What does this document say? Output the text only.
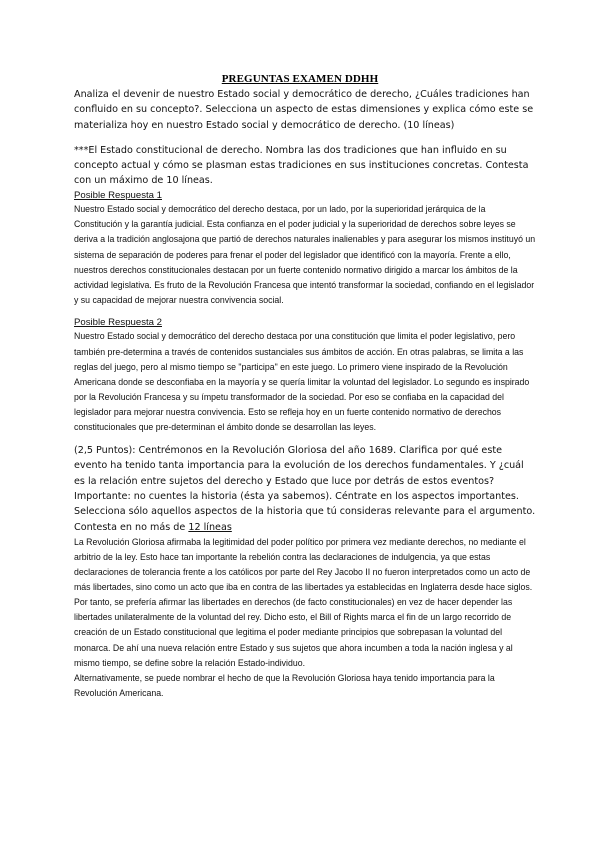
PREGUNTAS EXAMEN DDHH

Analiza el devenir de nuestro Estado social y democrático de derecho, ¿Cuáles tradiciones han confluido en su concepto?. Selecciona un aspecto de estas dimensiones y explica cómo este se materializa hoy en nuestro Estado social y democrático de derecho. (10 líneas)

***El Estado constitucional de derecho. Nombra las dos tradiciones que han influido en su concepto actual y cómo se plasman estas tradiciones en sus instituciones concretas. Contesta con un máximo de 10 líneas.

Posible Respuesta 1

Nuestro Estado social y democrático del derecho destaca, por un lado, por la superioridad jerárquica de la Constitución y la garantía judicial. Esta confianza en el poder judicial y la superioridad de derechos sobre leyes se deriva a la tradición anglosajona que partió de derechos naturales inalienables y para asegurar los mismos instituyó un sistema de separación de poderes para frenar el poder del legislador que identificó con la mayoría. Frente a ello, nuestros derechos constitucionales destacan por un fuerte contenido normativo dirigido a marcar los ámbitos de la actividad legislativa. Es fruto de la Revolución Francesa que intentó transformar la sociedad, confiando en el legislador y su capacidad de mejorar nuestra convivencia social.

Posible Respuesta 2

Nuestro Estado social y democrático del derecho destaca por una constitución que limita el poder legislativo, pero también pre-determina a través de contenidos sustanciales sus ámbitos de acción. En otras palabras, se limita a las reglas del juego, pero al mismo tiempo se "participa" en este juego. Lo primero viene inspirado de la Revolución Americana donde se desconfiaba en la mayoría y se quería limitar la voluntad del legislador. Lo segundo es inspirado por la Revolución Francesa y su ímpetu transformador de la sociedad. Por eso se confiaba en la capacidad del legislador para mejorar nuestra convivencia. Esto se refleja hoy en un fuerte contenido normativo de derechos constitucionales que pre-determinan el ámbito donde se desarrollan las leyes.

(2,5 Puntos): Centrémonos en la Revolución Gloriosa del año 1689. Clarifica por qué este evento ha tenido tanta importancia para la evolución de los derechos fundamentales. Y ¿cuál es la relación entre sujetos del derecho y Estado que luce por detrás de estos eventos?

Importante: no cuentes la historia (ésta ya sabemos). Céntrate en los aspectos importantes. Selecciona sólo aquellos aspectos de la historia que tú consideras relevante para el argumento. Contesta en no más de 12 líneas

La Revolución Gloriosa afirmaba la legitimidad del poder político por primera vez mediante derechos, no mediante el arbitrio de la ley. Esto hace tan importante la rebelión contra las declaraciones de indulgencia, ya que estas declaraciones de tolerancia frente a los católicos por parte del Rey Jacobo II no fueron interpretados como un acto de más libertades, sino como un acto que iba en contra de las libertades ya establecidas en Inglaterra desde hace siglos. Por tanto, se prefería afirmar las libertades en derechos (de facto constitucionales) en vez de hacer depender las libertades unilateralmente de la voluntad del rey. Dicho esto, el Bill of Rights marca el fin de un largo recorrido de creación de un Estado constitucional que legitima el poder mediante principios que sobrepasan la voluntad del monarca. De ahí una nueva relación entre Estado y sus sujetos que ahora incumben a toda la nación inglesa y al mismo tiempo, se define sobre la relación Estado-individuo.

Alternativamente, se puede nombrar el hecho de que la Revolución Gloriosa haya tenido importancia para la Revolución Americana.
